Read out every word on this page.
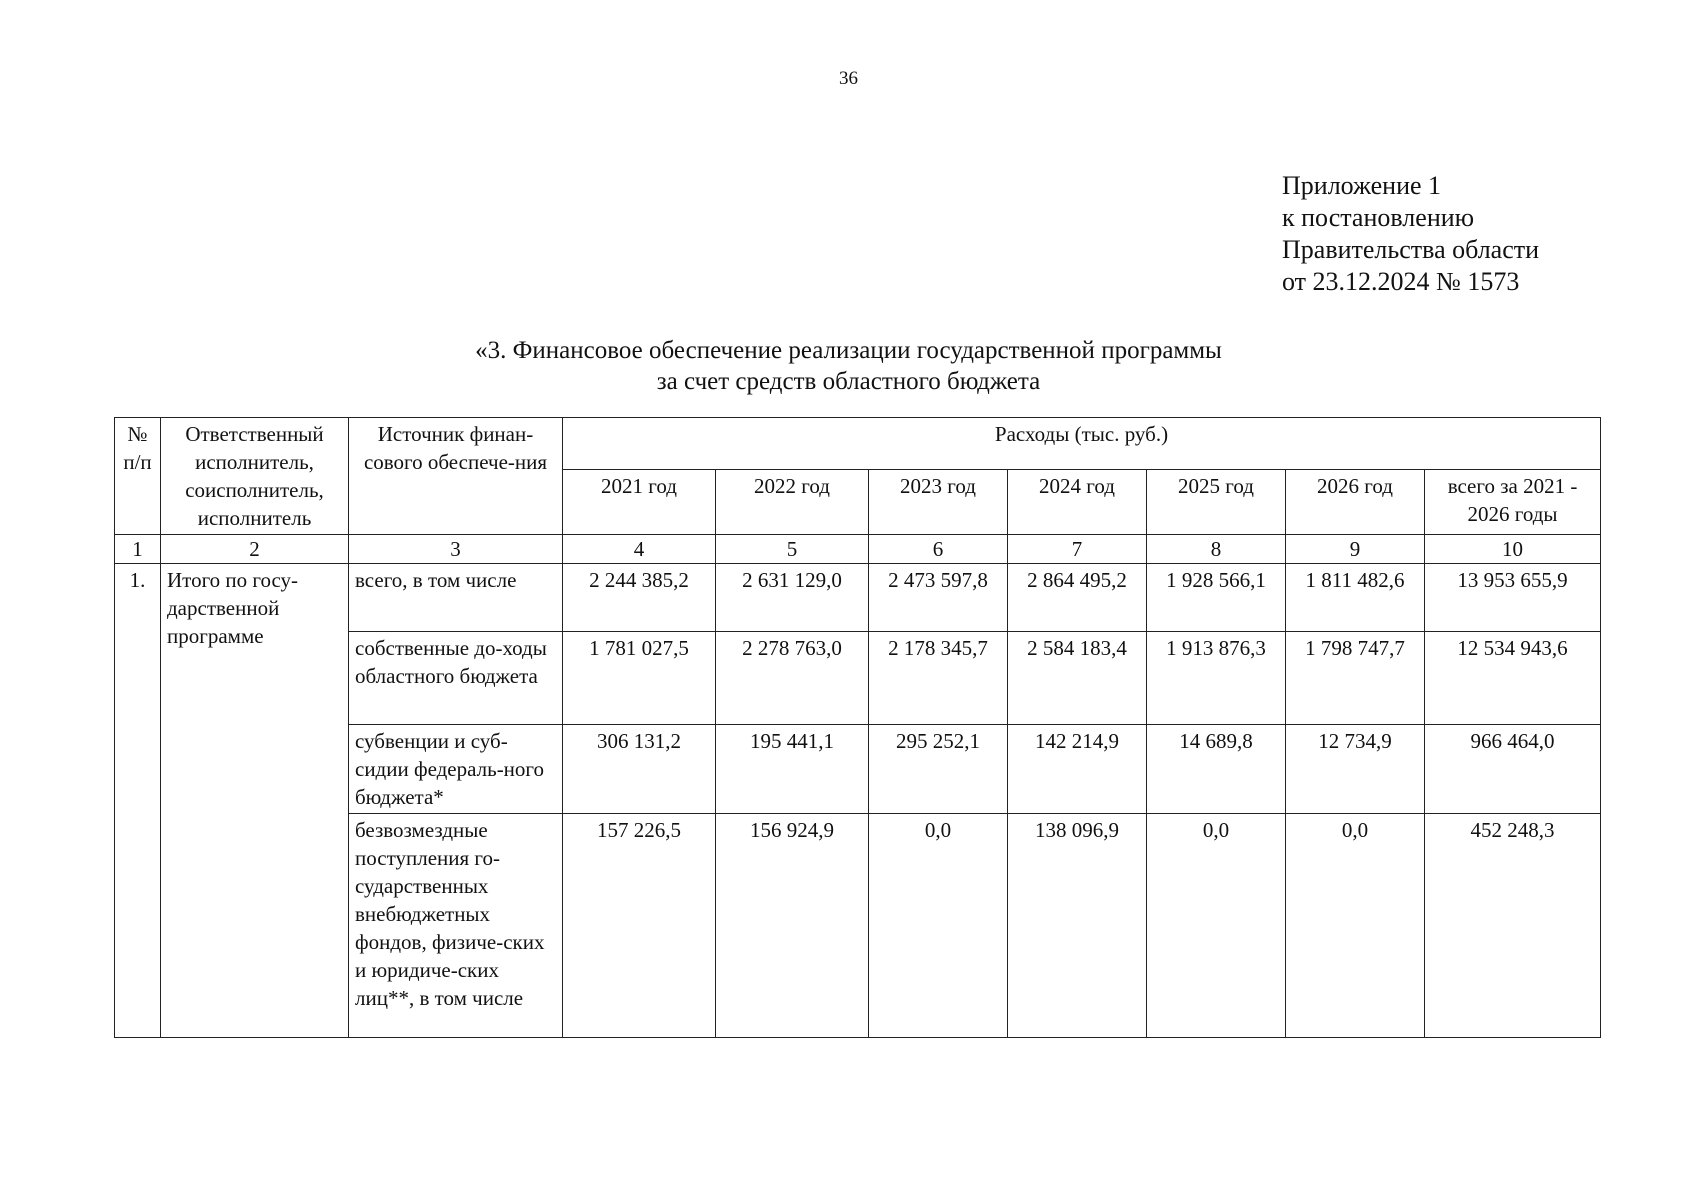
36
Приложение 1
к постановлению
Правительства области
от 23.12.2024 № 1573
«3. Финансовое обеспечение реализации государственной программы
за счет средств областного бюджета
№ п/п	Ответственный исполнитель, соисполнитель, исполнитель	Источник финан-сового обеспече-ния	Расходы (тыс. руб.)						
			2021 год	2022 год	2023 год	2024 год	2025 год	2026 год	всего за 2021 - 2026 годы
1	2	3	4	5	6	7	8	9	10
1.	Итого по госу-дарственной программе	всего, в том числе	2 244 385,2	2 631 129,0	2 473 597,8	2 864 495,2	1 928 566,1	1 811 482,6	13 953 655,9
		собственные до-ходы областного бюджета	1 781 027,5	2 278 763,0	2 178 345,7	2 584 183,4	1 913 876,3	1 798 747,7	12 534 943,6
		субвенции и суб-сидии федераль-ного бюджета*	306 131,2	195 441,1	295 252,1	142 214,9	14 689,8	12 734,9	966 464,0
		безвозмездные поступления го-сударственных внебюджетных фондов, физиче-ских и юридиче-ских лиц**, в том числе	157 226,5	156 924,9	0,0	138 096,9	0,0	0,0	452 248,3
